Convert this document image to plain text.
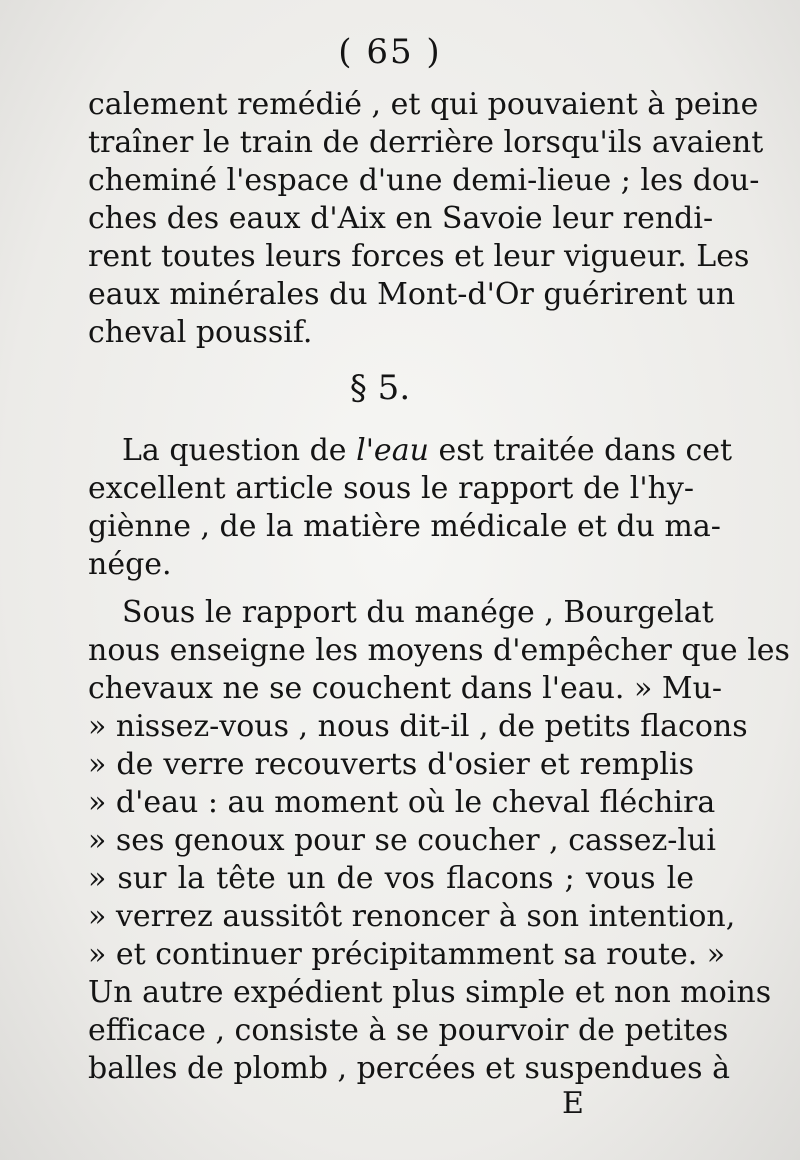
( 65 )
calement remédié , et qui pouvaient à peine
traîner le train de derrière lorsqu'ils avaient
cheminé l'espace d'une demi-lieue ; les dou-
ches des eaux d'Aix en Savoie leur rendi-
rent toutes leurs forces et leur vigueur. Les
eaux minérales du Mont-d'Or guérirent un
cheval poussif.
§ 5.
La question de l'eau est traitée dans cet
excellent article sous le rapport de l'hy-
giènne , de la matière médicale et du ma-
nége.
Sous le rapport du manége , Bourgelat
nous enseigne les moyens d'empêcher que les
chevaux ne se couchent dans l'eau. » Mu-
» nissez-vous , nous dit-il , de petits flacons
» de verre recouverts d'osier et remplis
» d'eau : au moment où le cheval fléchira
» ses genoux pour se coucher , cassez-lui
» sur la tête un de vos flacons ; vous le
» verrez aussitôt renoncer à son intention,
» et continuer précipitamment sa route. »
Un autre expédient plus simple et non moins
efficace , consiste à se pourvoir de petites
balles de plomb , percées et suspendues à
E
